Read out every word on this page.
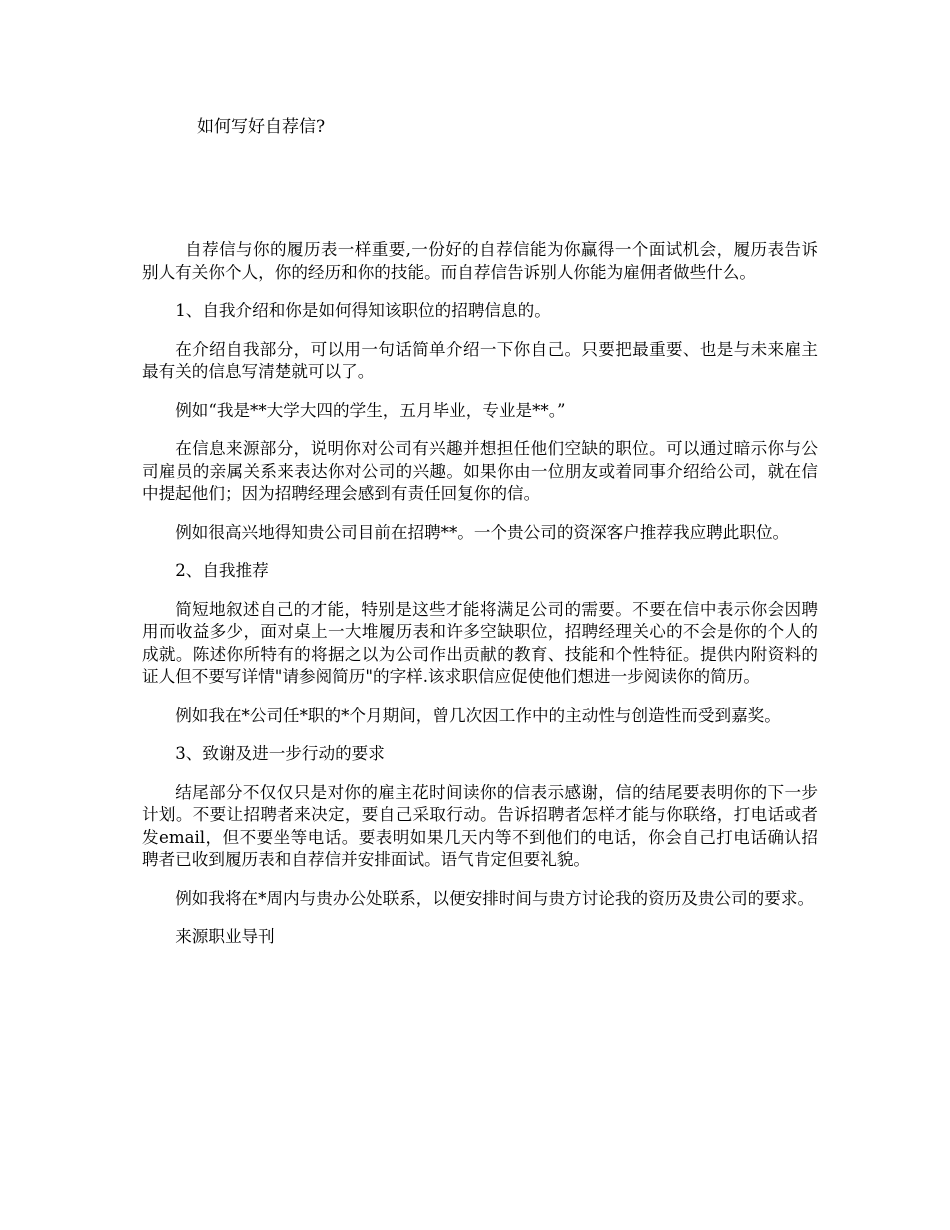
如何写好自荐信?

自荐信与你的履历表一样重要,一份好的自荐信能为你赢得一个面试机会，履历表告诉别人有关你个人，你的经历和你的技能。而自荐信告诉别人你能为雇佣者做些什么。

1、自我介绍和你是如何得知该职位的招聘信息的。

在介绍自我部分，可以用一句话简单介绍一下你自己。只要把最重要、也是与未来雇主最有关的信息写清楚就可以了。

例如“我是**大学大四的学生，五月毕业，专业是**。”

在信息来源部分，说明你对公司有兴趣并想担任他们空缺的职位。可以通过暗示你与公司雇员的亲属关系来表达你对公司的兴趣。如果你由一位朋友或着同事介绍给公司，就在信中提起他们；因为招聘经理会感到有责任回复你的信。

例如很高兴地得知贵公司目前在招聘**。一个贵公司的资深客户推荐我应聘此职位。

2、自我推荐

简短地叙述自己的才能，特别是这些才能将满足公司的需要。不要在信中表示你会因聘用而收益多少，面对桌上一大堆履历表和许多空缺职位，招聘经理关心的不会是你的个人的成就。陈述你所特有的将据之以为公司作出贡献的教育、技能和个性特征。提供内附资料的证人但不要写详情"请参阅简历"的字样.该求职信应促使他们想进一步阅读你的简历。

例如我在*公司任*职的*个月期间，曾几次因工作中的主动性与创造性而受到嘉奖。

3、致谢及进一步行动的要求

结尾部分不仅仅只是对你的雇主花时间读你的信表示感谢，信的结尾要表明你的下一步计划。不要让招聘者来决定，要自己采取行动。告诉招聘者怎样才能与你联络，打电话或者发email，但不要坐等电话。要表明如果几天内等不到他们的电话，你会自己打电话确认招聘者已收到履历表和自荐信并安排面试。语气肯定但要礼貌。

例如我将在*周内与贵办公处联系，以便安排时间与贵方讨论我的资历及贵公司的要求。

来源职业导刊
